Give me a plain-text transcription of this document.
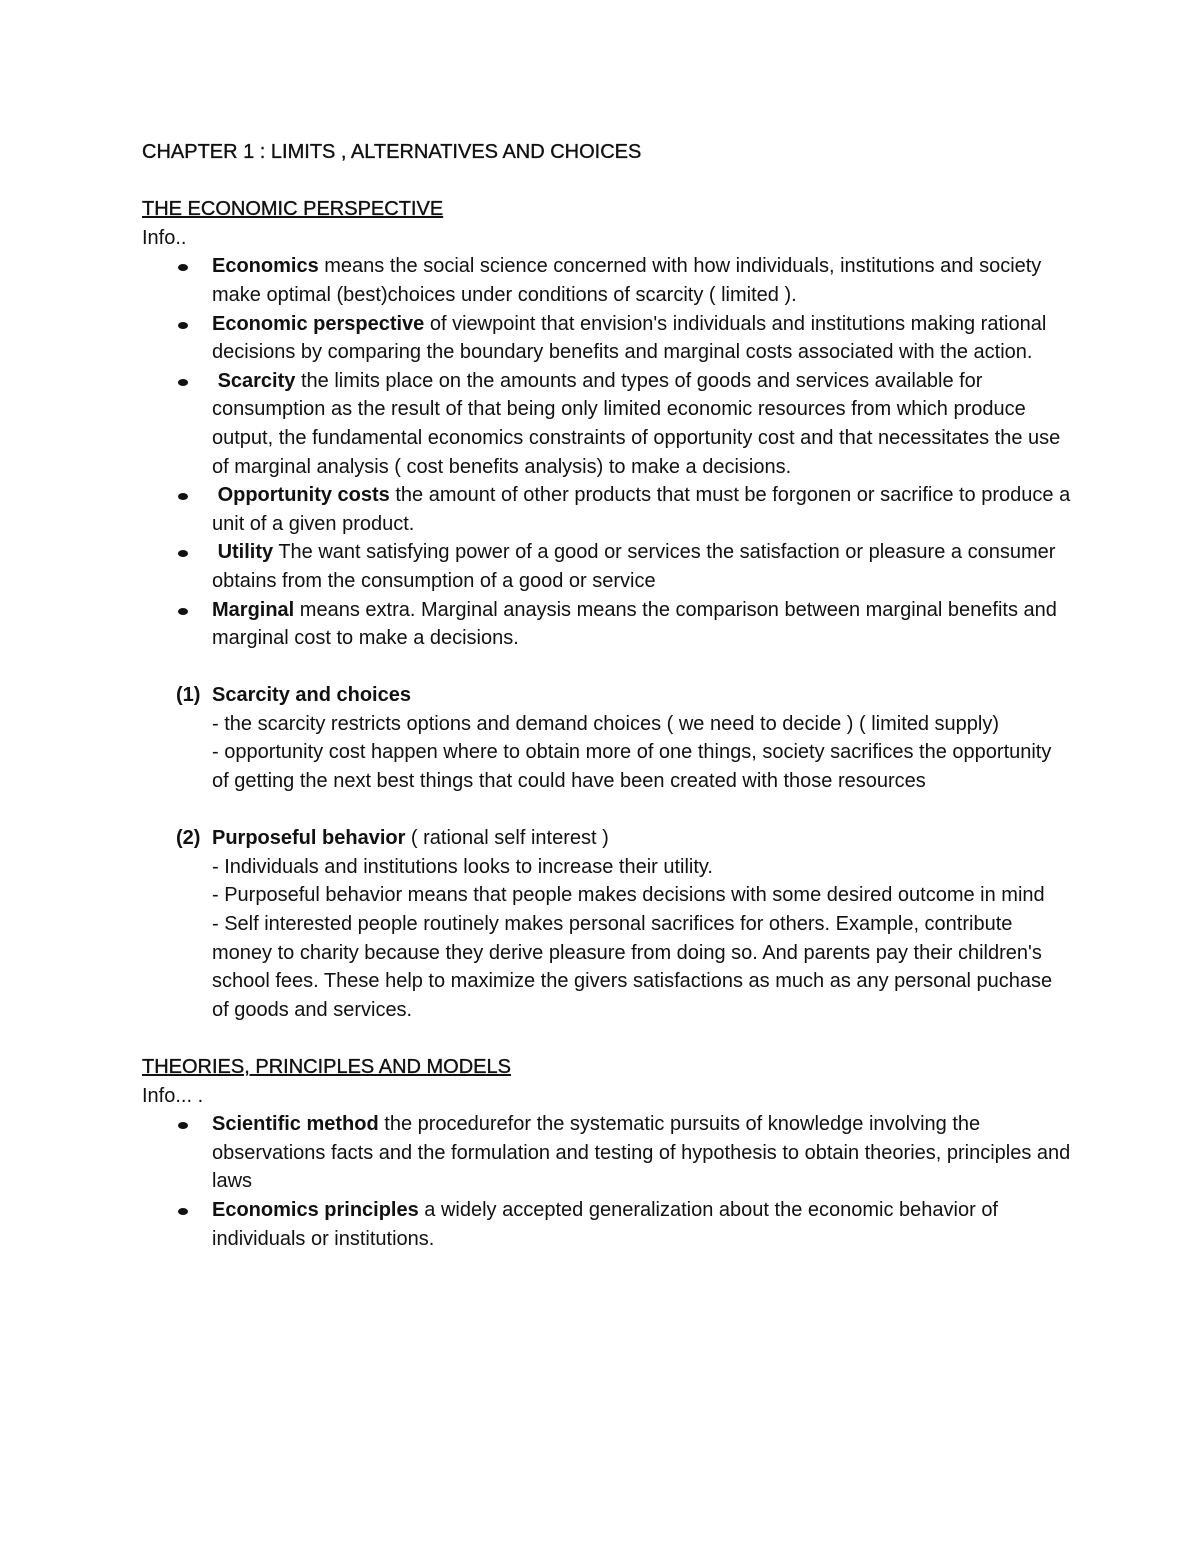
CHAPTER 1 : LIMITS , ALTERNATIVES AND CHOICES
THE ECONOMIC PERSPECTIVE
Info..
Economics means the social science concerned with how individuals, institutions and society make optimal (best)choices under conditions of scarcity ( limited ).
Economic perspective of viewpoint that envision's individuals and institutions making rational decisions by comparing the boundary benefits and marginal costs associated with the action.
Scarcity the limits place on the amounts and types of goods and services available for consumption as the result of that being only limited economic resources from which produce output, the fundamental economics constraints of opportunity cost and that necessitates the use of marginal analysis ( cost benefits analysis) to make a decisions.
Opportunity costs the amount of other products that must be forgonen or sacrifice to produce a unit of a given product.
Utility The want satisfying power of a good or services the satisfaction or pleasure a consumer obtains from the consumption of a good or service
Marginal means extra. Marginal anaysis means the comparison between marginal benefits and marginal cost to make a decisions.
(1) Scarcity and choices
- the scarcity restricts options and demand choices ( we need to decide ) ( limited supply)
- opportunity cost happen where to obtain more of one things, society sacrifices the opportunity of getting the next best things that could have been created with those resources
(2) Purposeful behavior ( rational self interest )
- Individuals and institutions looks to increase their utility.
- Purposeful behavior means that people makes decisions with some desired outcome in mind
- Self interested people routinely makes personal sacrifices for others. Example, contribute money to charity because they derive pleasure from doing so. And parents pay their children's school fees. These help to maximize the givers satisfactions as much as any personal puchase of goods and services.
THEORIES, PRINCIPLES AND MODELS
Info... .
Scientific method the procedurefor the systematic pursuits of knowledge involving the observations facts and the formulation and testing of hypothesis to obtain theories, principles and laws
Economics principles a widely accepted generalization about the economic behavior of individuals or institutions.
